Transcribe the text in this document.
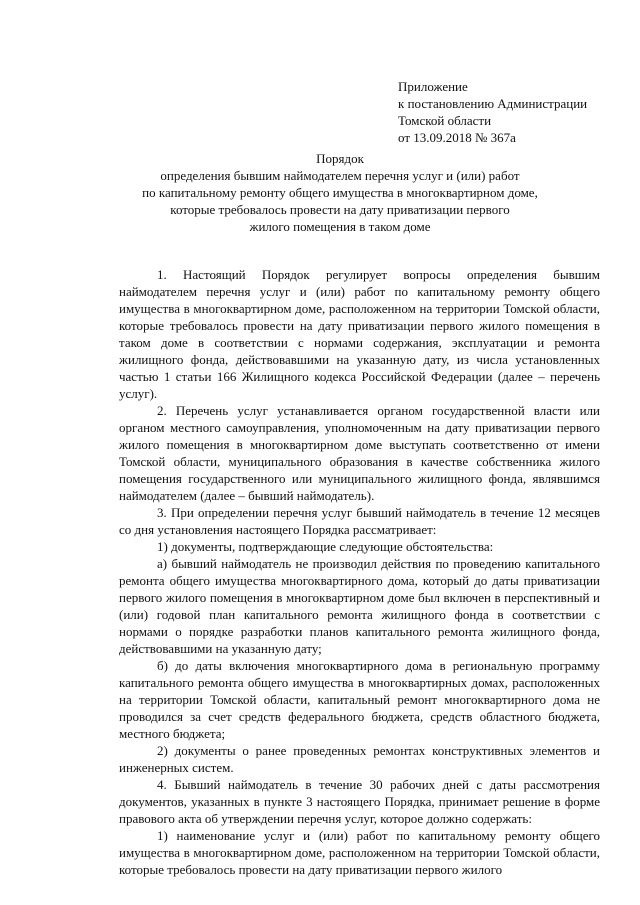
Приложение
к постановлению Администрации
Томской области
от 13.09.2018 № 367а
Порядок
определения бывшим наймодателем перечня услуг и (или) работ
по капитальному ремонту общего имущества в многоквартирном доме,
которые требовалось провести на дату приватизации первого
жилого помещения в таком доме

1. Настоящий Порядок регулирует вопросы определения бывшим наймодателем перечня услуг и (или) работ по капитальному ремонту общего имущества в многоквартирном доме, расположенном на территории Томской области, которые требовалось провести на дату приватизации первого жилого помещения в таком доме в соответствии с нормами содержания, эксплуатации и ремонта жилищного фонда, действовавшими на указанную дату, из числа установленных частью 1 статьи 166 Жилищного кодекса Российской Федерации (далее – перечень услуг).

2. Перечень услуг устанавливается органом государственной власти или органом местного самоуправления, уполномоченным на дату приватизации первого жилого помещения в многоквартирном доме выступать соответственно от имени Томской области, муниципального образования в качестве собственника жилого помещения государственного или муниципального жилищного фонда, являвшимся наймодателем (далее – бывший наймодатель).

3. При определении перечня услуг бывший наймодатель в течение 12 месяцев со дня установления настоящего Порядка рассматривает:

1) документы, подтверждающие следующие обстоятельства:

а) бывший наймодатель не производил действия по проведению капитального ремонта общего имущества многоквартирного дома, который до даты приватизации первого жилого помещения в многоквартирном доме был включен в перспективный и (или) годовой план капитального ремонта жилищного фонда в соответствии с нормами о порядке разработки планов капитального ремонта жилищного фонда, действовавшими на указанную дату;

б) до даты включения многоквартирного дома в региональную программу капитального ремонта общего имущества в многоквартирных домах, расположенных на территории Томской области, капитальный ремонт многоквартирного дома не проводился за счет средств федерального бюджета, средств областного бюджета, местного бюджета;

2) документы о ранее проведенных ремонтах конструктивных элементов и инженерных систем.

4. Бывший наймодатель в течение 30 рабочих дней с даты рассмотрения документов, указанных в пункте 3 настоящего Порядка, принимает решение в форме правового акта об утверждении перечня услуг, которое должно содержать:

1) наименование услуг и (или) работ по капитальному ремонту общего имущества в многоквартирном доме, расположенном на территории Томской области, которые требовалось провести на дату приватизации первого жилого
